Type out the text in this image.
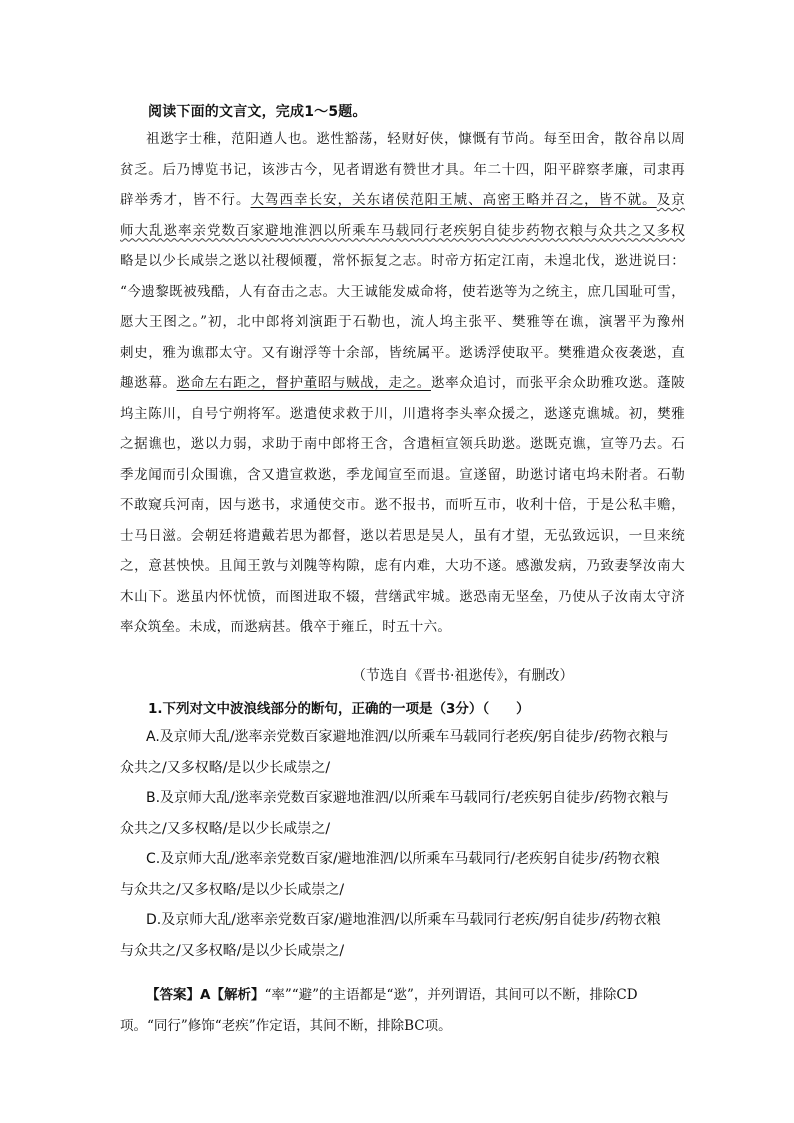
阅读下面的文言文，完成1～5题。
祖逖字士稚，范阳遒人也。逖性豁荡，轻财好侠，慷慨有节尚。每至田舍，散谷帛以周
贫乏。后乃博览书记，该涉古今，见者谓逖有赞世才具。年二十四，阳平辟察孝廉，司隶再
辟举秀才，皆不行。大驾西幸长安，关东诸侯范阳王虓、高密王略并召之，皆不就。及京
师大乱逖率亲党数百家避地淮泗以所乘车马载同行老疾躬自徒步药物衣粮与众共之又多权
略是以少长咸崇之逖以社稷倾覆，常怀振复之志。时帝方拓定江南，未遑北伐，逖进说曰：
“今遗黎既被残酷，人有奋击之志。大王诚能发威命将，使若逖等为之统主，庶几国耻可雪，
愿大王图之。”初，北中郎将刘演距于石勒也，流人坞主张平、樊雅等在谯，演署平为豫州
刺史，雅为谯郡太守。又有谢浮等十余部，皆统属平。逖诱浮使取平。樊雅遣众夜袭逖，直
趣逖幕。逖命左右距之，督护董昭与贼战，走之。逖率众追讨，而张平余众助雅攻逖。蓬陂
坞主陈川，自号宁朔将军。逖遣使求救于川，川遣将李头率众援之，逖遂克谯城。初，樊雅
之据谯也，逖以力弱，求助于南中郎将王含，含遣桓宣领兵助逖。逖既克谯，宣等乃去。石
季龙闻而引众围谯，含又遣宣救逖，季龙闻宣至而退。宣遂留，助逖讨诸屯坞未附者。石勒
不敢窥兵河南，因与逖书，求通使交市。逖不报书，而听互市，收利十倍，于是公私丰赡，
士马日滋。会朝廷将遣戴若思为都督，逖以若思是吴人，虽有才望，无弘致远识，一旦来统
之，意甚怏怏。且闻王敦与刘隗等构隙，虑有内难，大功不遂。感激发病，乃致妻孥汝南大
木山下。逖虽内怀忧愤，而图进取不辍，营缮武牢城。逖恐南无坚垒，乃使从子汝南太守济
率众筑垒。未成，而逖病甚。俄卒于雍丘，时五十六。
（节选自《晋书·祖逖传》，有删改）
1.下列对文中波浪线部分的断句，正确的一项是（3分）（　　）
A.及京师大乱/逖率亲党数百家避地淮泗/以所乘车马载同行老疾/躬自徒步/药物衣粮与
众共之/又多权略/是以少长咸崇之/
B.及京师大乱/逖率亲党数百家避地淮泗/以所乘车马载同行/老疾躬自徒步/药物衣粮与
众共之/又多权略/是以少长咸崇之/
C.及京师大乱/逖率亲党数百家/避地淮泗/以所乘车马载同行/老疾躬自徒步/药物衣粮
与众共之/又多权略/是以少长咸崇之/
D.及京师大乱/逖率亲党数百家/避地淮泗/以所乘车马载同行老疾/躬自徒步/药物衣粮
与众共之/又多权略/是以少长咸崇之/
【答案】A【解析】“率”“避”的主语都是“逖”，并列谓语，其间可以不断，排除CD
项。“同行”修饰“老疾”作定语，其间不断，排除BC项。
